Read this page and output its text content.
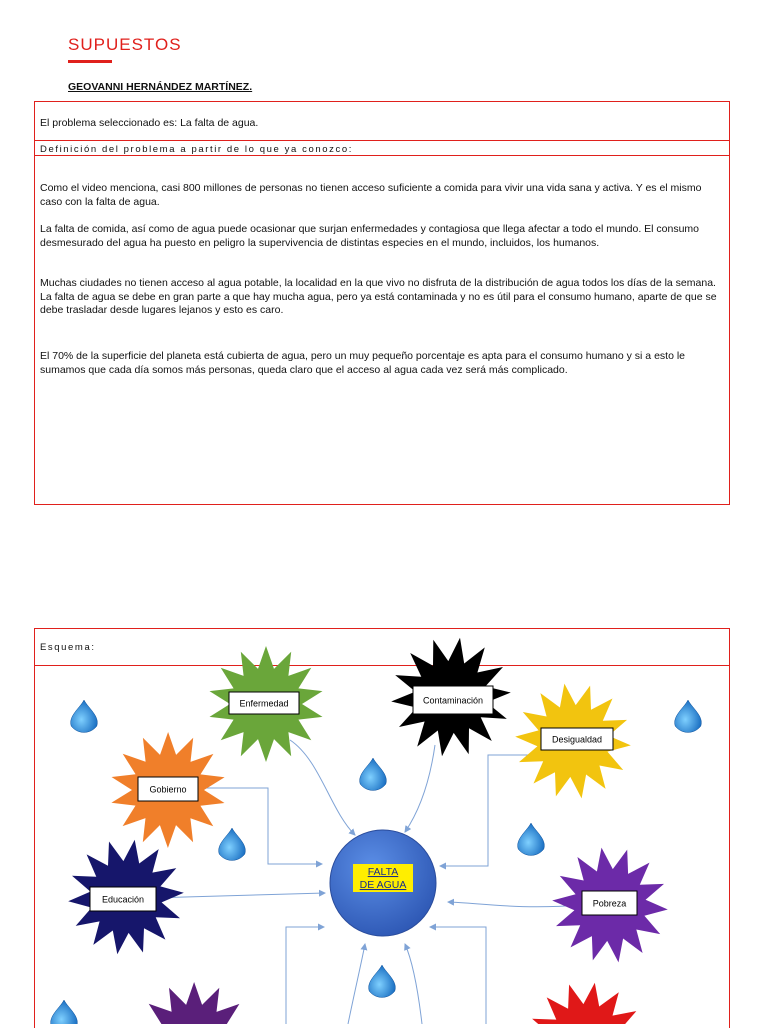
SUPUESTOS
GEOVANNI HERNÁNDEZ MARTÍNEZ.
El problema seleccionado es: La falta de agua.
Definición del problema a partir de lo que ya conozco:

Como el video menciona, casi 800 millones de personas no tienen acceso suficiente a comida para vivir una vida sana y activa. Y es el mismo caso con la falta de agua.

La falta de comida, así como de agua puede ocasionar que surjan enfermedades y contagiosa que llega afectar a todo el mundo. El consumo desmesurado del agua ha puesto en peligro la supervivencia de distintas especies en el mundo, incluidos, los humanos.

Muchas ciudades no tienen acceso al agua potable, la localidad en la que vivo no disfruta de la distribución de agua todos los días de la semana. La falta de agua se debe en gran parte a que hay mucha agua, pero ya está contaminada y no es útil para el consumo humano, aparte de que se debe trasladar desde lugares lejanos y esto es caro.

El 70% de la superficie del planeta está cubierta de agua, pero un muy pequeño porcentaje es apta para el consumo humano y si a esto le sumamos que cada día somos más personas, queda claro que el acceso al agua cada vez será más complicado.

Esquema:
Enfermedad	Contaminación
Desigualdad
Gobierno
Educación	Pobreza
FALTA
DE AGUA
